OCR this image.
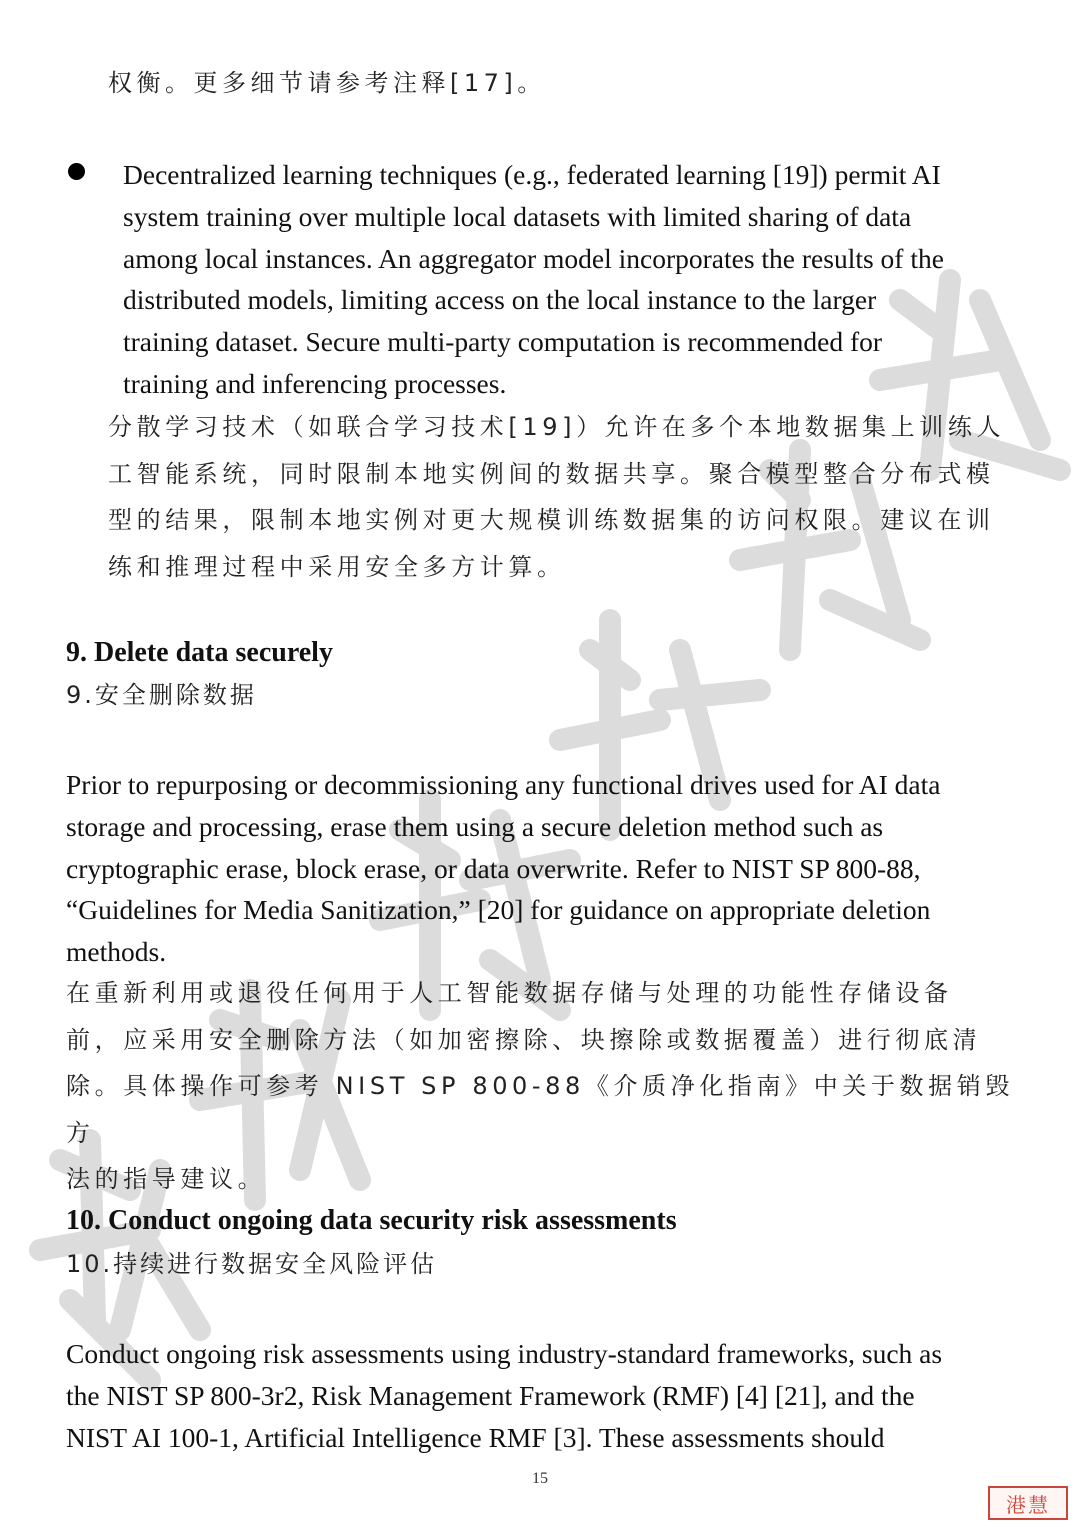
权衡。更多细节请参考注释[17]。

Decentralized learning techniques (e.g., federated learning [19]) permit AI

system training over multiple local datasets with limited sharing of data

among local instances. An aggregator model incorporates the results of the

distributed models, limiting access on the local instance to the larger

training dataset. Secure multi-party computation is recommended for

training and inferencing processes.

分散学习技术（如联合学习技术[19]）允许在多个本地数据集上训练人

工智能系统，同时限制本地实例间的数据共享。聚合模型整合分布式模

型的结果，限制本地实例对更大规模训练数据集的访问权限。建议在训

练和推理过程中采用安全多方计算。

9. Delete data securely
9.安全删除数据

Prior to repurposing or decommissioning any functional drives used for AI data

storage and processing, erase them using a secure deletion method such as

cryptographic erase, block erase, or data overwrite. Refer to NIST SP 800-88,

“Guidelines for Media Sanitization,” [20] for guidance on appropriate deletion

methods.

在重新利用或退役任何用于人工智能数据存储与处理的功能性存储设备

前，应采用安全删除方法（如加密擦除、块擦除或数据覆盖）进行彻底清

除。具体操作可参考 NIST SP 800-88《介质净化指南》中关于数据销毁方

法的指导建议。

10. Conduct ongoing data security risk assessments
10.持续进行数据安全风险评估

Conduct ongoing risk assessments using industry-standard frameworks, such as

the NIST SP 800-3r2, Risk Management Framework (RMF) [4] [21], and the

NIST AI 100-1, Artificial Intelligence RMF [3]. These assessments should

15
港慧
